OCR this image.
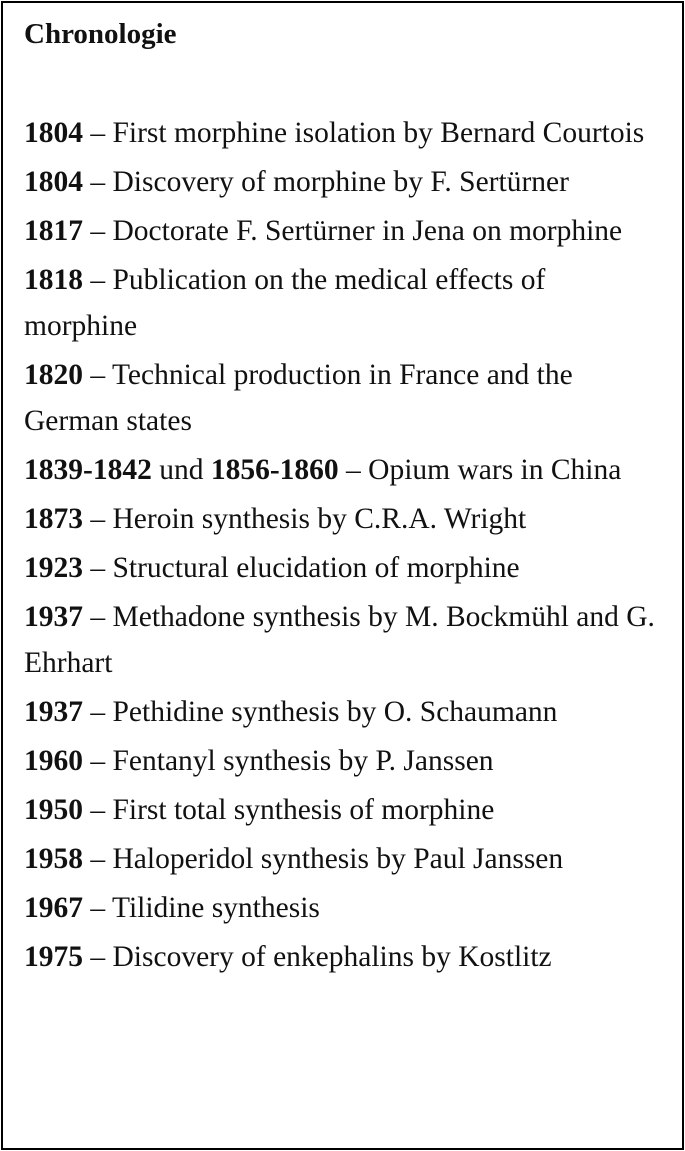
Chronologie
1804 – First morphine isolation by Bernard Courtois
1804 – Discovery of morphine by F. Sertürner
1817 – Doctorate F. Sertürner in Jena on morphine
1818 – Publication on the medical effects of morphine
1820 – Technical production in France and the German states
1839-1842 und 1856-1860 – Opium wars in China
1873 – Heroin synthesis by C.R.A. Wright
1923 – Structural elucidation of morphine
1937 – Methadone synthesis by M. Bockmühl and G. Ehrhart
1937 – Pethidine synthesis by O. Schaumann
1960 – Fentanyl synthesis by P. Janssen
1950 – First total synthesis of morphine
1958 – Haloperidol synthesis by Paul Janssen
1967 – Tilidine synthesis
1975 – Discovery of enkephalins by Kostlitz
